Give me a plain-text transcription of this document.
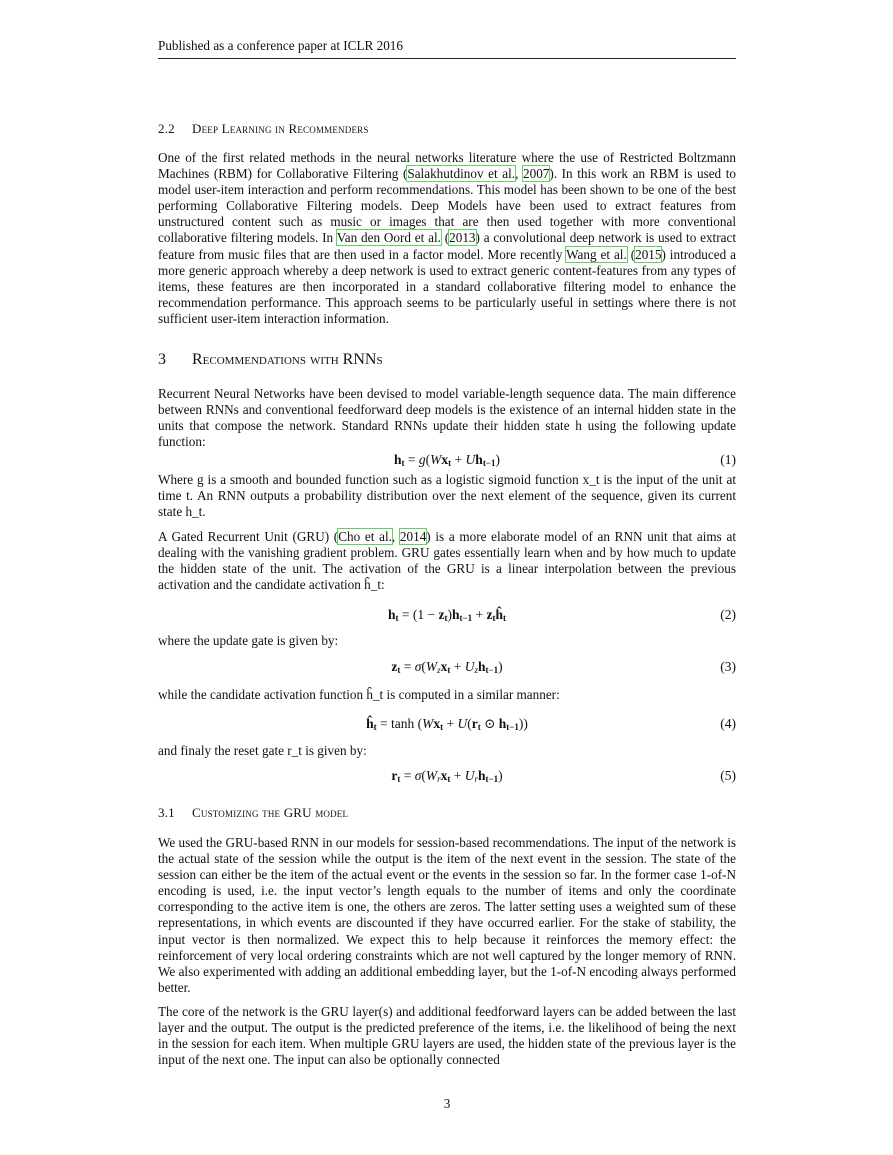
Published as a conference paper at ICLR 2016
2.2 Deep Learning in Recommenders
One of the first related methods in the neural networks literature where the use of Restricted Boltzmann Machines (RBM) for Collaborative Filtering (Salakhutdinov et al., 2007). In this work an RBM is used to model user-item interaction and perform recommendations. This model has been shown to be one of the best performing Collaborative Filtering models. Deep Models have been used to extract features from unstructured content such as music or images that are then used together with more conventional collaborative filtering models. In Van den Oord et al. (2013) a convolutional deep network is used to extract feature from music files that are then used in a factor model. More recently Wang et al. (2015) introduced a more generic approach whereby a deep network is used to extract generic content-features from any types of items, these features are then incorporated in a standard collaborative filtering model to enhance the recommendation performance. This approach seems to be particularly useful in settings where there is not sufficient user-item interaction information.
3 Recommendations with RNNs
Recurrent Neural Networks have been devised to model variable-length sequence data. The main difference between RNNs and conventional feedforward deep models is the existence of an internal hidden state in the units that compose the network. Standard RNNs update their hidden state h using the following update function:
$h_t = g(Wx_t + Uh_{t-1})$	(1)
Where g is a smooth and bounded function such as a logistic sigmoid function x_t is the input of the unit at time t. An RNN outputs a probability distribution over the next element of the sequence, given its current state h_t.
A Gated Recurrent Unit (GRU) (Cho et al., 2014) is a more elaborate model of an RNN unit that aims at dealing with the vanishing gradient problem. GRU gates essentially learn when and by how much to update the hidden state of the unit. The activation of the GRU is a linear interpolation between the previous activation and the candidate activation ĥ_t:
$h_t = (1 - z_t)h_{t-1}$ + $z_tĥ_t$	(2)
where the update gate is given by:
$z_t = \sigma(W_zx_t + U_zh_{t-1})$	(3)
while the candidate activation function ĥ_t is computed in a similar manner:
$ĥ_t = \tanh (Wx_t + U(r_t$ ⊙ $h_{t-1}$))	(4)
and finaly the reset gate r_t is given by:
$r_t = \sigma(W_rx_t + U_rh_{t-1})$	(5)
3.1 Customizing the GRU model
We used the GRU-based RNN in our models for session-based recommendations. The input of the network is the actual state of the session while the output is the item of the next event in the session. The state of the session can either be the item of the actual event or the events in the session so far. In the former case 1-of-N encoding is used, i.e. the input vector’s length equals to the number of items and only the coordinate corresponding to the active item is one, the others are zeros. The latter setting uses a weighted sum of these representations, in which events are discounted if they have occurred earlier. For the stake of stability, the input vector is then normalized. We expect this to help because it reinforces the memory effect: the reinforcement of very local ordering constraints which are not well captured by the longer memory of RNN. We also experimented with adding an additional embedding layer, but the 1-of-N encoding always performed better.
The core of the network is the GRU layer(s) and additional feedforward layers can be added between the last layer and the output. The output is the predicted preference of the items, i.e. the likelihood of being the next in the session for each item. When multiple GRU layers are used, the hidden state of the previous layer is the input of the next one. The input can also be optionally connected
3
